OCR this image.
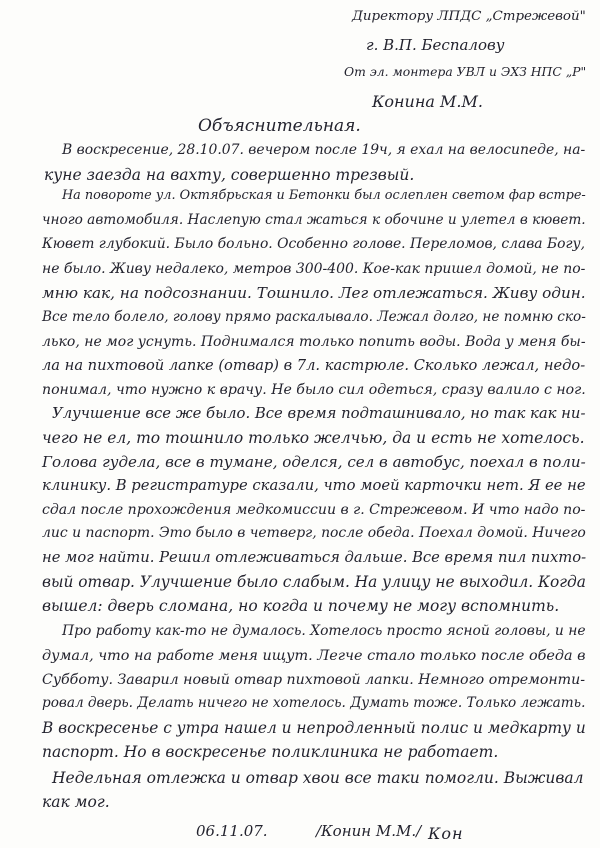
Директору ЛПДС „Стрежевой"
г. В.П. Беспалову
От эл. монтера УВЛ и ЭХЗ НПС „Р"
Конина М.М.
Объяснительная.
В воскресение, 28.10.07. вечером после 19ч, я ехал на велосипеде, на-
куне заезда на вахту, совершенно трезвый.
На повороте ул. Октябрьская и Бетонки был ослеплен светом фар встре-
чного автомобиля. Наслепую стал жаться к обочине и улетел в кювет.
Кювет глубокий. Было больно. Особенно голове. Переломов, слава Богу,
не было. Живу недалеко, метров 300-400. Кое-как пришел домой, не по-
мню как, на подсознании. Тошнило. Лег отлежаться. Живу один.
Все тело болело, голову прямо раскалывало. Лежал долго, не помню ско-
лько, не мог уснуть. Поднимался только попить воды. Вода у меня бы-
ла на пихтовой лапке (отвар) в 7л. кастрюле. Сколько лежал, недо-
понимал, что нужно к врачу. Не было сил одеться, сразу валило с ног.
Улучшение все же было. Все время подташнивало, но так как ни-
чего не ел, то тошнило только желчью, да и есть не хотелось.
Голова гудела, все в тумане, оделся, сел в автобус, поехал в поли-
клинику. В регистратуре сказали, что моей карточки нет. Я ее не
сдал после прохождения медкомиссии в г. Стрежевом. И что надо по-
лис и паспорт. Это было в четверг, после обеда. Поехал домой. Ничего
не мог найти. Решил отлеживаться дальше. Все время пил пихто-
вый отвар. Улучшение было слабым. На улицу не выходил. Когда
вышел: дверь сломана, но когда и почему не могу вспомнить.
Про работу как-то не думалось. Хотелось просто ясной головы, и не
думал, что на работе меня ищут. Легче стало только после обеда в
Субботу. Заварил новый отвар пихтовой лапки. Немного отремонти-
ровал дверь. Делать ничего не хотелось. Думать тоже. Только лежать.
В воскресенье с утра нашел и непродленный полис и медкарту и
паспорт. Но в воскресенье поликлиника не работает.
Недельная отлежка и отвар хвои все таки помогли. Выживал
как мог.
06.11.07.	/Конин М.М./ Кон
